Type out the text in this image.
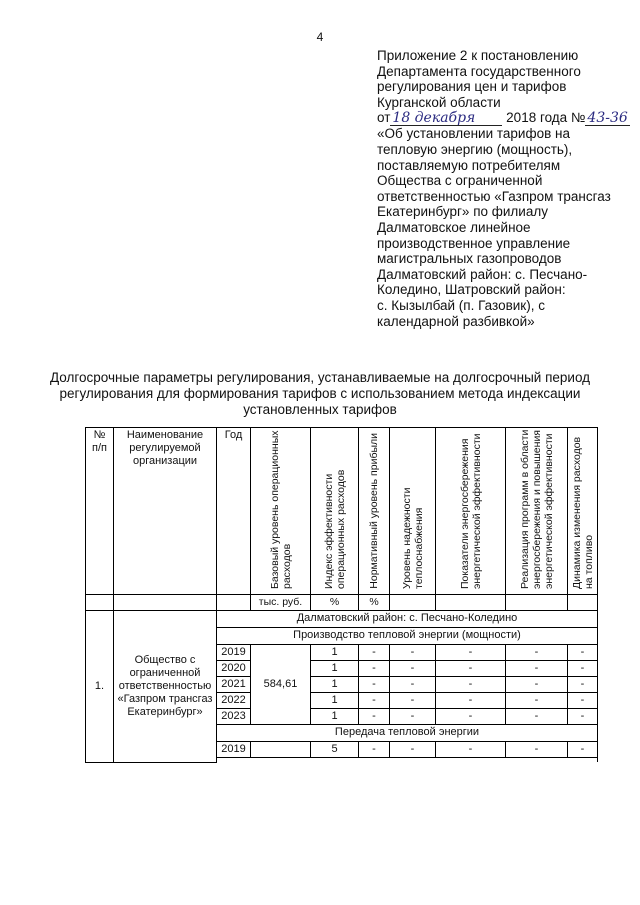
4

Приложение 2 к постановлению
Департамента государственного
регулирования цен и тарифов
Курганской области
от 18 декабря 2018 года № 43-36
«Об установлении тарифов на
тепловую энергию (мощность),
поставляемую потребителям
Общества с ограниченной
ответственностью «Газпром трансгаз
Екатеринбург» по филиалу
Далматовское линейное
производственное управление
магистральных газопроводов
Далматовский район: с. Песчано-
Коледино, Шатровский район:
с. Кызылбай (п. Газовик), с
календарной разбивкой»

Долгосрочные параметры регулирования, устанавливаемые на долгосрочный период
регулирования для формирования тарифов с использованием метода индексации
установленных тарифов

№ п/п	Наименование регулируемой организации	Год	Базовый уровень операционных расходов	Индекс эффективности операционных расходов	Нормативный уровень прибыли	Уровень надежности теплоснабжения	Показатели энергосбережения энергетической эффективности	Реализация программ в области энергосбережения и повышения энергетической эффективности	Динамика изменения расходов на топливо
			тыс. руб.	%	%				
1.	Общество с ограниченной ответственностью «Газпром трансгаз Екатеринбург»	Далматовский район: с. Песчано-Коледино							
		Производство тепловой энергии (мощности)							
		2019	584,61	1	-	-	-	-	-
		2020		1	-	-	-	-	-
		2021		1	-	-	-	-	-
		2022		1	-	-	-	-	-
		2023		1	-	-	-	-	-
		Передача тепловой энергии							
		2019		5	-	-	-	-	-
